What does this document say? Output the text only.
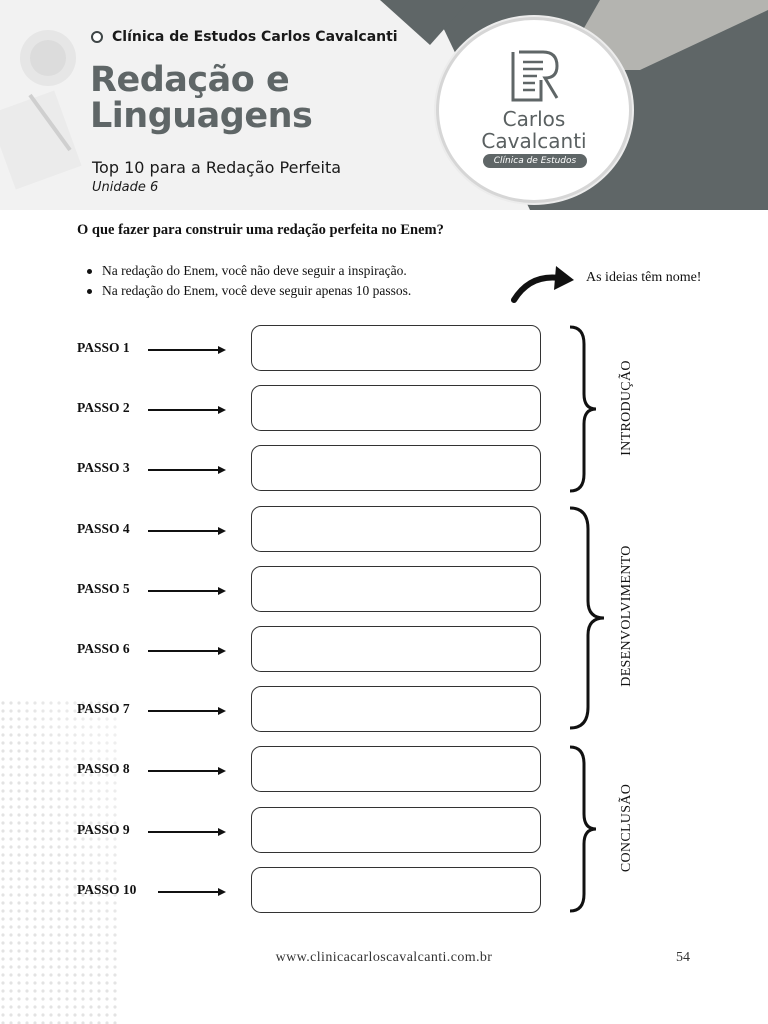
Clínica de Estudos Carlos Cavalcanti
Redação e
Linguagens
Top 10 para a Redação Perfeita
Unidade 6
Carlos
Cavalcanti
Clínica de Estudos
O que fazer para construir uma redação perfeita no Enem?
Na redação do Enem, você não deve seguir a inspiração.
Na redação do Enem, você deve seguir apenas 10 passos.
As ideias têm nome!
PASSO 1
PASSO 2
PASSO 3
PASSO 4
PASSO 5
PASSO 6
PASSO 7
PASSO 8
PASSO 9
PASSO 10
INTRODUÇÃO
DESENVOLVIMENTO
CONCLUSÃO
www.clinicacarloscavalcanti.com.br	54
